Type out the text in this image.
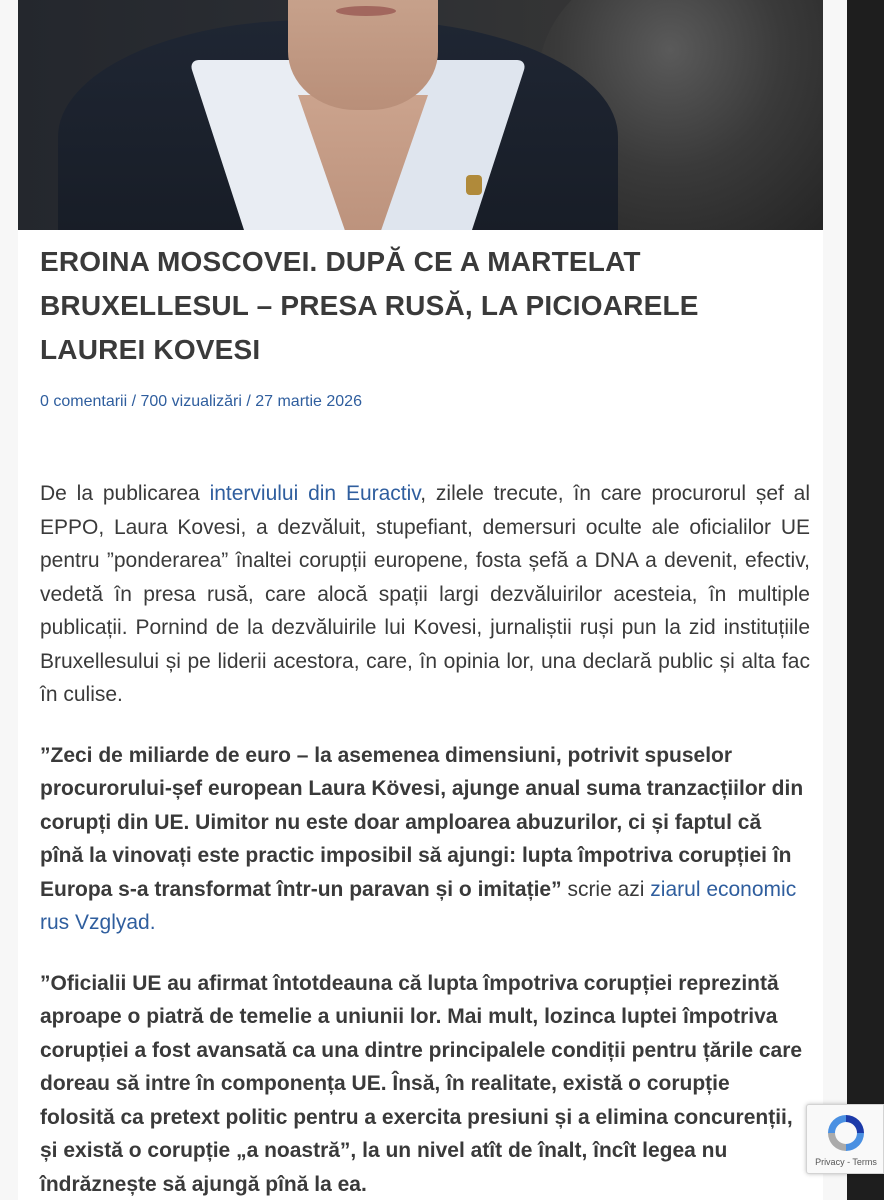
EROINA MOSCOVEI. DUPĂ CE A MARTELAT BRUXELLESUL – PRESA RUSĂ, LA PICIOARELE LAUREI KOVESI
0 comentarii / 700 vizualizări / 27 martie 2026

De la publicarea interviului din Euractiv, zilele trecute, în care procurorul șef al EPPO, Laura Kovesi, a dezvăluit, stupefiant, demersuri oculte ale oficialilor UE pentru ”ponderarea” înaltei corupții europene, fosta șefă a DNA a devenit, efectiv, vedetă în presa rusă, care alocă spații largi dezvăluirilor acesteia, în multiple publicații. Pornind de la dezvăluirile lui Kovesi, jurnaliștii ruși pun la zid instituțiile Bruxellesului și pe liderii acestora, care, în opinia lor, una declară public și alta fac în culise.

”Zeci de miliarde de euro – la asemenea dimensiuni, potrivit spuselor procurorului-șef european Laura Kövesi, ajunge anual suma tranzacțiilor din corupți din UE. Uimitor nu este doar amploarea abuzurilor, ci și faptul că pînă la vinovați este practic imposibil să ajungi: lupta împotriva corupției în Europa s-a transformat într-un paravan și o imitație” scrie azi ziarul economic rus Vzglyad.

”Oficialii UE au afirmat întotdeauna că lupta împotriva corupției reprezintă aproape o piatră de temelie a uniunii lor. Mai mult, lozinca luptei împotriva corupției a fost avansată ca una dintre principalele condiții pentru țările care doreau să intre în componența UE. Însă, în realitate, există o corupție folosită ca pretext politic pentru a exercita presiuni și a elimina concurenții, și există o corupție „a noastră”, la un nivel atît de înalt, încît legea nu îndrăznește să ajungă pînă la ea.

Privacy - Terms
